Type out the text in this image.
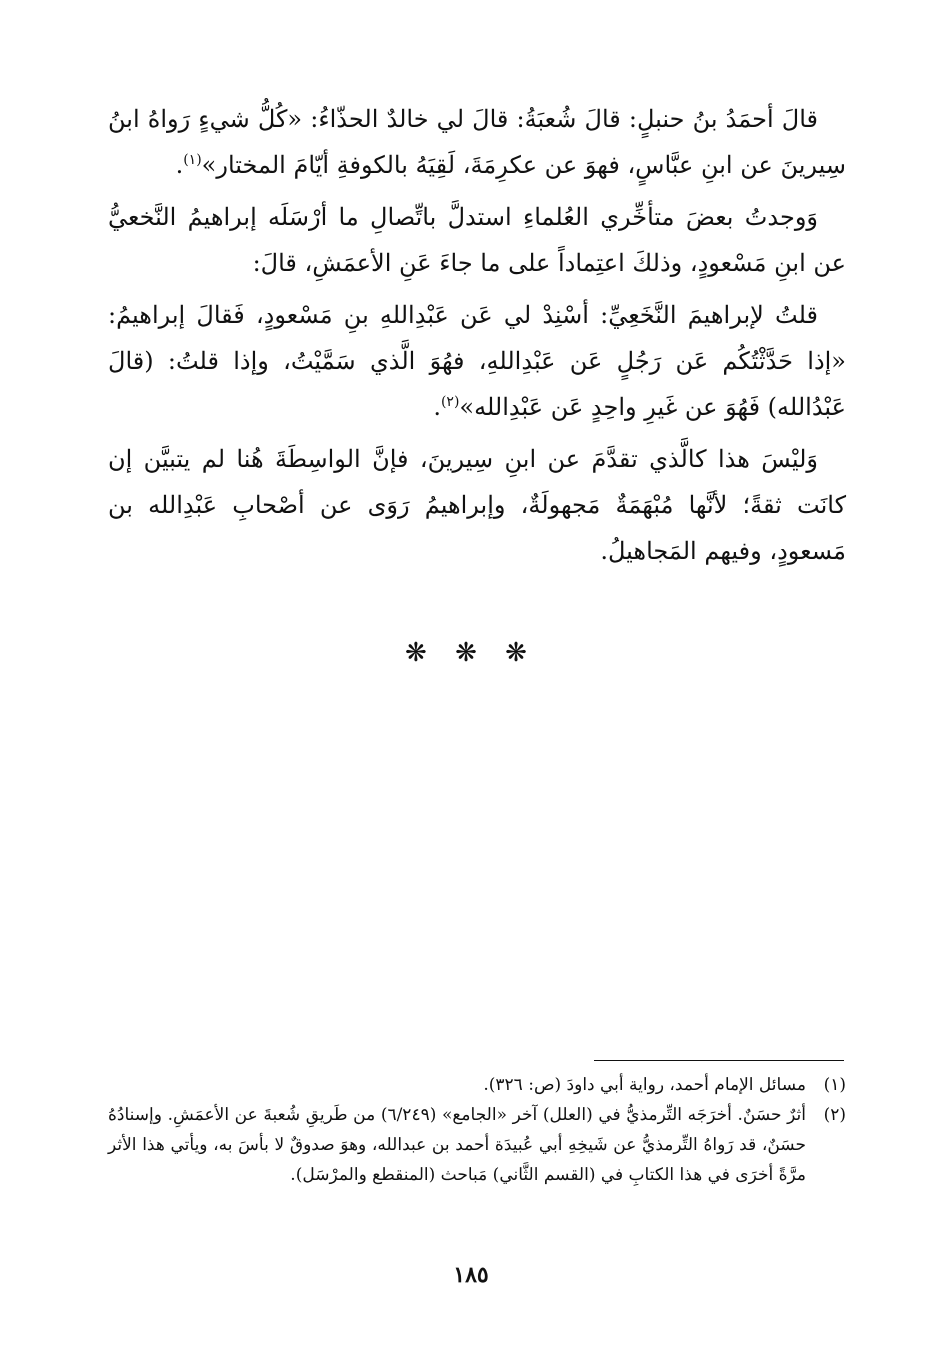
قالَ أحمَدُ بنُ حنبلٍ: قالَ شُعبَةُ: قالَ لي خالدٌ الحذّاءُ: «كُلُّ شيءٍ رَواهُ ابنُ سِيرينَ عن ابنِ عبَّاسٍ، فهوَ عن عكرِمَةَ، لَقِيَهُ بالكوفةِ أيّامَ المختار»$^{(١)}$.

وَوجدتُ بعضَ متأخِّري العُلماءِ استدلَّ باتِّصالِ ما أرْسَلَه إبراهيمُ النَّخعيُّ عن ابنِ مَسْعودٍ، وذلكَ اعتِماداً على ما جاءَ عَنِ الأعمَشِ، قالَ:

قلتُ لإبراهيمَ النَّخَعِيِّ: أسْنِدْ لي عَن عَبْدِاللهِ بنِ مَسْعودٍ، فَقالَ إبراهيمُ: «إذا حَدَّثْتُكُم عَن رَجُلٍ عَن عَبْدِاللهِ، فهُوَ الَّذي سَمَّيْتُ، وإذا قلتُ: (قالَ عَبْدُالله) فَهُوَ عن غَيرِ واحِدٍ عَن عَبْدِالله»$^{(٢)}$.

وَليْسَ هذا كالَّذي تقدَّمَ عن ابنِ سِيرينَ، فإنَّ الواسِطَةَ هُنا لم يتبيَّن إن كانَت ثقةً؛ لأنَّها مُبْهَمَةٌ مَجهولَةٌ، وإبراهيمُ رَوَى عن أصْحابِ عَبْدِالله بن مَسعودٍ، وفيهم المَجاهيلُ.

❋ ❋ ❋
(١)
مسائل الإمام أحمد، رواية أبي داودَ (ص: ٣٢٦).
(٢)
أثرٌ حسَنٌ. أخرَجَه التِّرمذيُّ في (العلل) آخر «الجامع» (٦/٢٤٩) من طَريقِ شُعبةَ عن الأعمَشِ. وإسنادُهُ حسَنٌ، قد رَواهُ التِّرمذيُّ عن شَيخِهِ أبي عُبيدَة أحمد بن عبدالله، وهوَ صدوقٌ لا بأسَ به، ويأتي هذا الأثر مرَّةً أخرَى في هذا الكتابِ في (القسم الثَّاني) مَباحث (المنقطع والمرْسَل).
١٨٥
